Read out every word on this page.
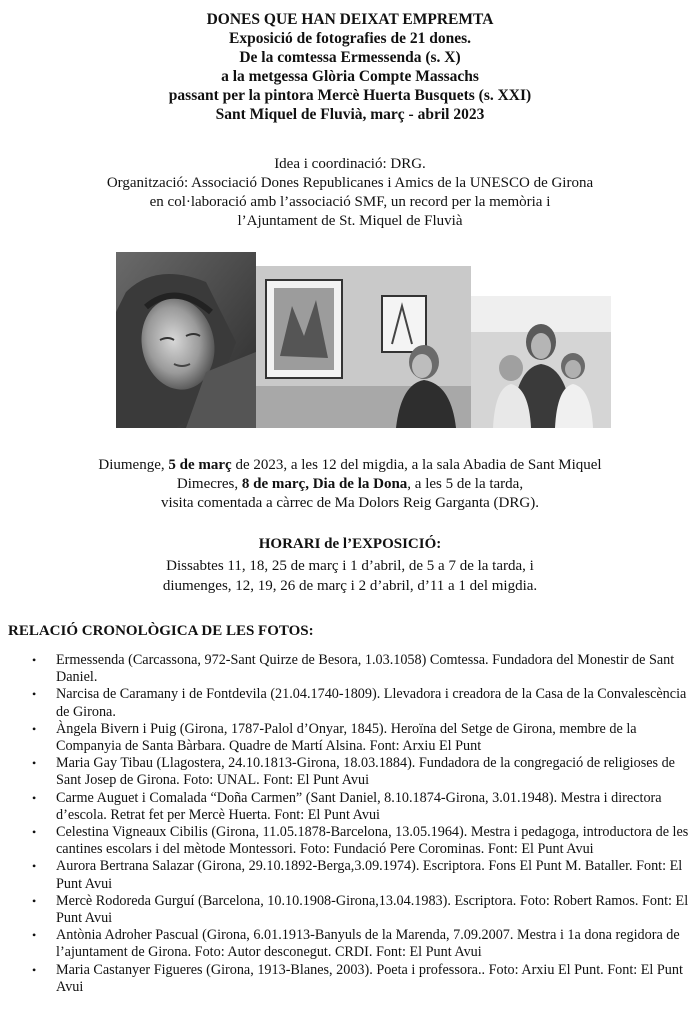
DONES QUE HAN DEIXAT EMPREMTA
Exposició de fotografies de 21 dones.
De la comtessa Ermessenda (s. X)
a la metgessa Glòria Compte Massachs
passant per la pintora Mercè Huerta Busquets (s. XXI)
Sant Miquel de Fluvià, març - abril 2023
Idea i coordinació: DRG.
Organització: Associació Dones Republicanes i Amics de la UNESCO de Girona
en col·laboració amb l’associació SMF, un record per la memòria i
l’Ajuntament de St. Miquel de Fluvià
Diumenge, 5 de març de 2023, a les 12 del migdia, a la sala Abadia de Sant Miquel
Dimecres, 8 de març, Dia de la Dona, a les 5 de la tarda,
visita comentada a càrrec de Ma Dolors Reig Garganta (DRG).
HORARI de l’EXPOSICIÓ:
Dissabtes 11, 18, 25 de març i 1 d’abril, de 5 a 7 de la tarda, i
diumenges, 12, 19, 26 de març i 2 d’abril, d’11 a 1 del migdia.
RELACIÓ CRONOLÒGICA DE LES FOTOS:
• Ermessenda (Carcassona, 972-Sant Quirze de Besora, 1.03.1058) Comtessa. Fundadora del Monestir de Sant Daniel.
• Narcisa de Caramany i de Fontdevila (21.04.1740-1809). Llevadora i creadora de la Casa de la Convalescència de Girona.
• Àngela Bivern i Puig (Girona, 1787-Palol d’Onyar, 1845). Heroïna del Setge de Girona, membre de la Companyia de Santa Bàrbara. Quadre de Martí Alsina. Font: Arxiu El Punt
• Maria Gay Tibau (Llagostera, 24.10.1813-Girona, 18.03.1884). Fundadora de la congregació de religioses de Sant Josep de Girona. Foto: UNAL. Font: El Punt Avui
• Carme Auguet i Comalada “Doña Carmen” (Sant Daniel, 8.10.1874-Girona, 3.01.1948). Mestra i directora d’escola. Retrat fet per Mercè Huerta. Font: El Punt Avui
• Celestina Vigneaux Cibilis (Girona, 11.05.1878-Barcelona, 13.05.1964). Mestra i pedagoga, introductora de les cantines escolars i del mètode Montessori. Foto: Fundació Pere Corominas. Font: El Punt Avui
• Aurora Bertrana Salazar (Girona, 29.10.1892-Berga,3.09.1974). Escriptora. Fons El Punt M. Bataller. Font: El Punt Avui
• Mercè Rodoreda Gurguí (Barcelona, 10.10.1908-Girona,13.04.1983). Escriptora. Foto: Robert Ramos. Font: El Punt Avui
• Antònia Adroher Pascual (Girona, 6.01.1913-Banyuls de la Marenda, 7.09.2007. Mestra i 1a dona regidora de l’ajuntament de Girona. Foto: Autor desconegut. CRDI. Font: El Punt Avui
• Maria Castanyer Figueres (Girona, 1913-Blanes, 2003). Poeta i professora.. Foto: Arxiu El Punt. Font: El Punt Avui
